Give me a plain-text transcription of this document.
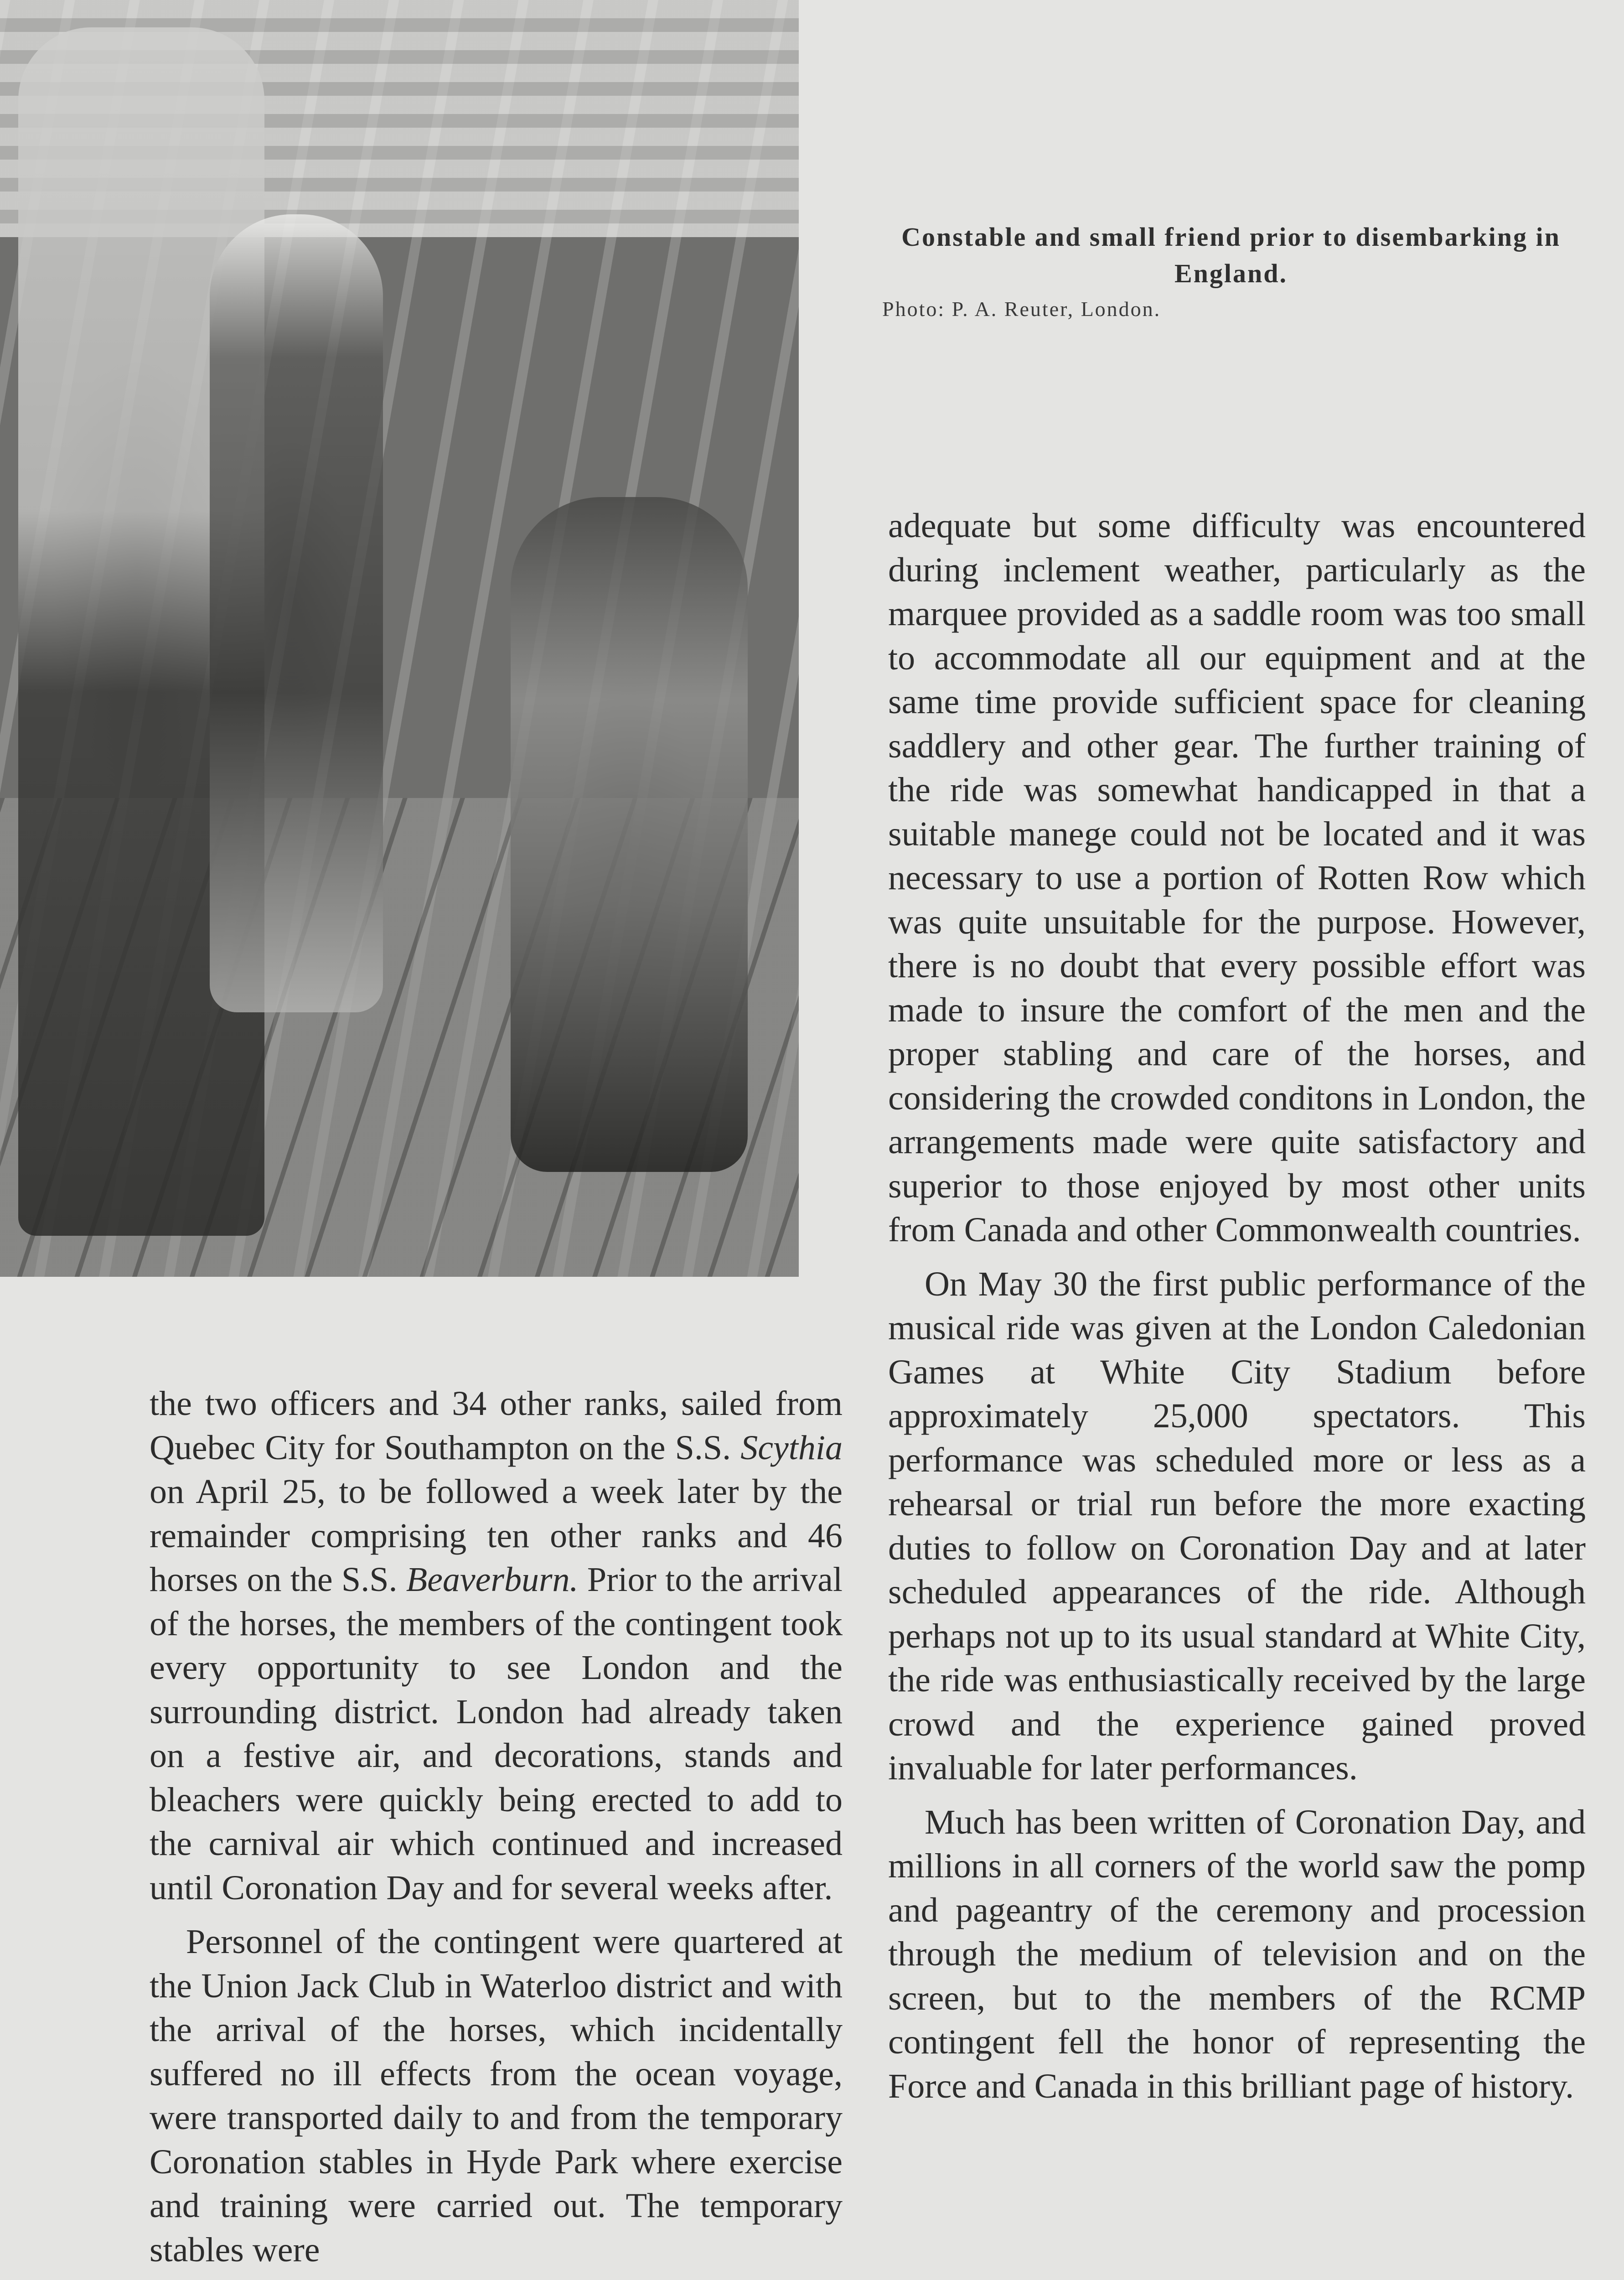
Constable and small friend prior to disembarking in England.
Photo: P. A. Reuter, London.

the two officers and 34 other ranks, sailed from Quebec City for Southampton on the S.S. Scythia on April 25, to be followed a week later by the remainder comprising ten other ranks and 46 horses on the S.S. Beaverburn. Prior to the arrival of the horses, the members of the contingent took every opportunity to see London and the surrounding district. London had already taken on a festive air, and decorations, stands and bleachers were quickly being erected to add to the carnival air which continued and increased until Coronation Day and for several weeks after.

Personnel of the contingent were quartered at the Union Jack Club in Waterloo district and with the arrival of the horses, which incidentally suffered no ill effects from the ocean voyage, were transported daily to and from the temporary Coronation stables in Hyde Park where exercise and training were carried out. The temporary stables were

adequate but some difficulty was encountered during inclement weather, particularly as the marquee provided as a saddle room was too small to accommodate all our equipment and at the same time provide sufficient space for cleaning saddlery and other gear. The further training of the ride was somewhat handicapped in that a suitable manege could not be located and it was necessary to use a portion of Rotten Row which was quite unsuitable for the purpose. However, there is no doubt that every possible effort was made to insure the comfort of the men and the proper stabling and care of the horses, and considering the crowded conditons in London, the arrangements made were quite satisfactory and superior to those enjoyed by most other units from Canada and other Commonwealth countries.

On May 30 the first public performance of the musical ride was given at the London Caledonian Games at White City Stadium before approximately 25,000 spectators. This performance was scheduled more or less as a rehearsal or trial run before the more exacting duties to follow on Coronation Day and at later scheduled appearances of the ride. Although perhaps not up to its usual standard at White City, the ride was enthusiastically received by the large crowd and the experience gained proved invaluable for later performances.

Much has been written of Coronation Day, and millions in all corners of the world saw the pomp and pageantry of the ceremony and procession through the medium of television and on the screen, but to the members of the RCMP contingent fell the honor of representing the Force and Canada in this brilliant page of history.
